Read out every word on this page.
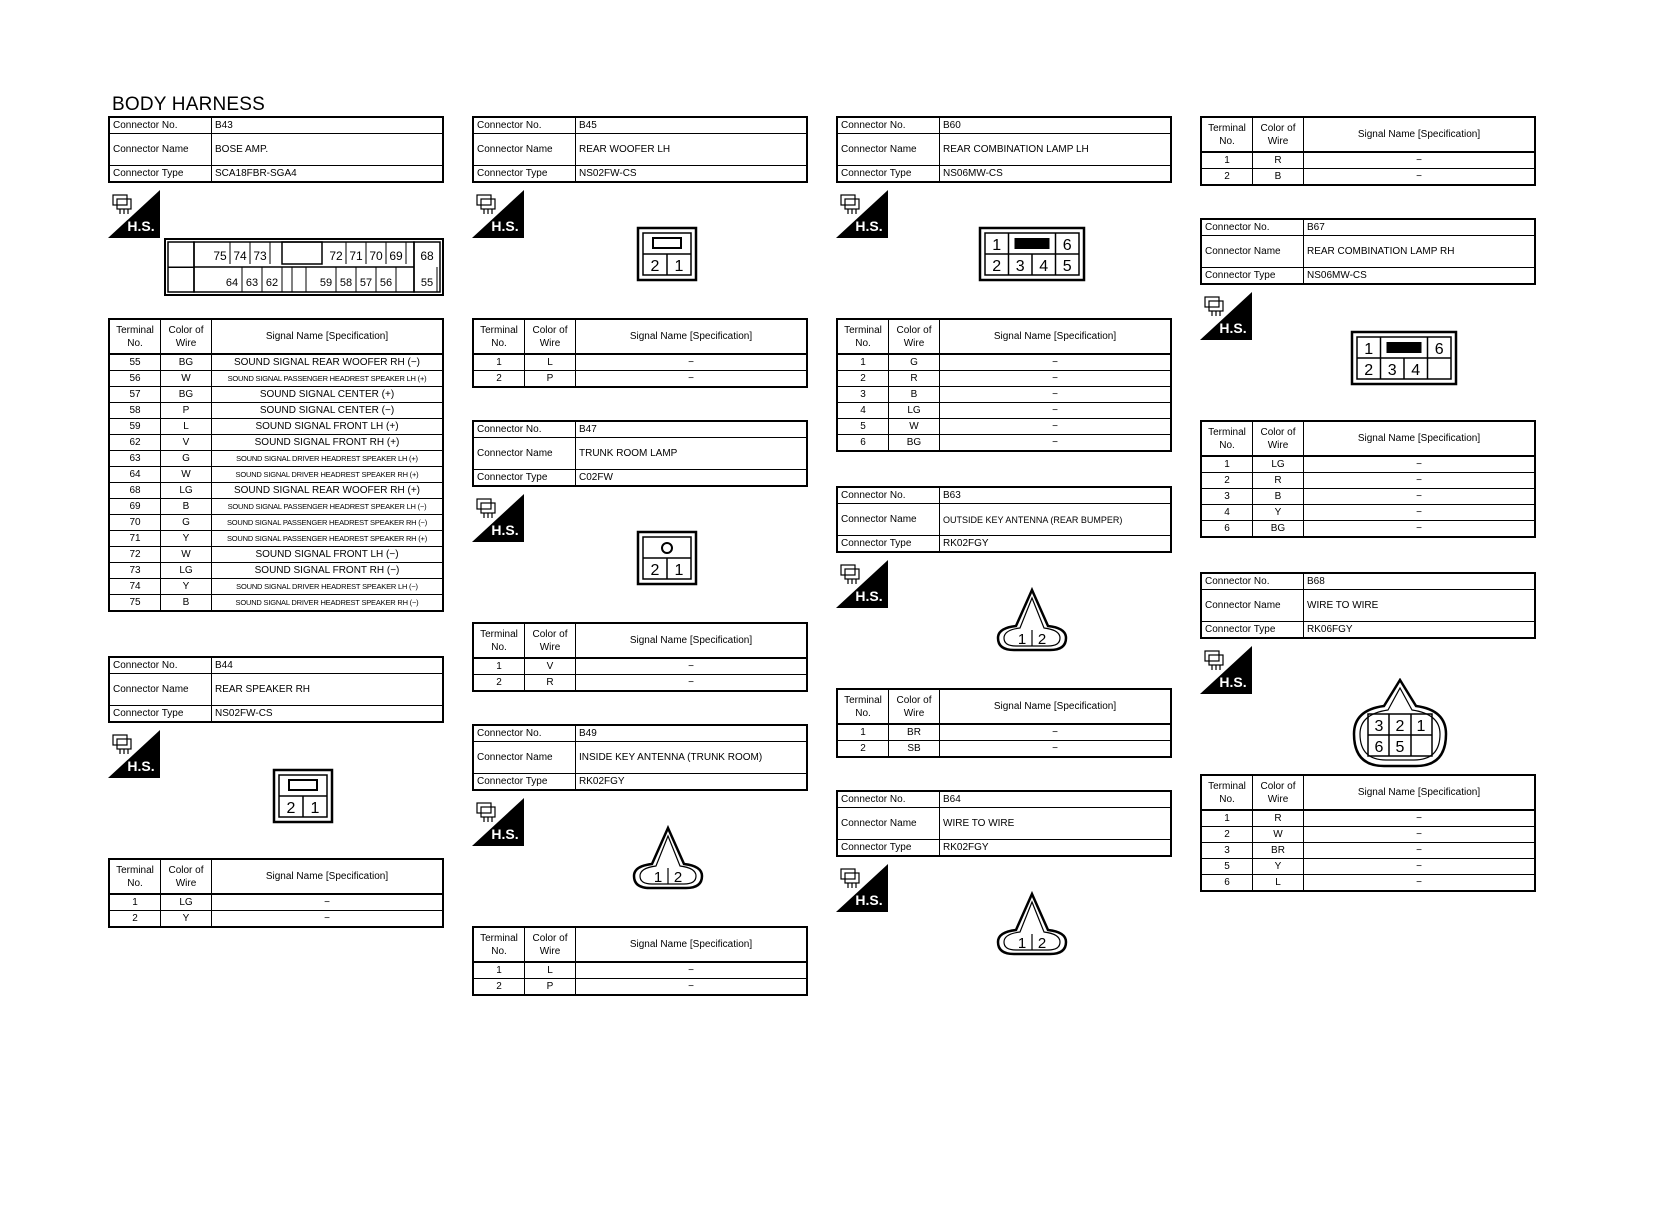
BODY HARNESS
Connector No.	B43
Connector Name	BOSE AMP.
Connector Type	SCA18FBR-SGA4
H.S.
75 74 73	72 71 70 69 68
64 63 62	59 58 57 56	55
Terminal No.	Color of Wire	Signal Name [Specification]
55	BG	SOUND SIGNAL REAR WOOFER RH (−)
56	W	SOUND SIGNAL PASSENGER HEADREST SPEAKER LH (+)
57	BG	SOUND SIGNAL CENTER (+)
58	P	SOUND SIGNAL CENTER (−)
59	L	SOUND SIGNAL FRONT LH (+)
62	V	SOUND SIGNAL FRONT RH (+)
63	G	SOUND SIGNAL DRIVER HEADREST SPEAKER LH (+)
64	W	SOUND SIGNAL DRIVER HEADREST SPEAKER RH (+)
68	LG	SOUND SIGNAL REAR WOOFER RH (+)
69	B	SOUND SIGNAL PASSENGER HEADREST SPEAKER LH (−)
70	G	SOUND SIGNAL PASSENGER HEADREST SPEAKER RH (−)
71	Y	SOUND SIGNAL PASSENGER HEADREST SPEAKER RH (+)
72	W	SOUND SIGNAL FRONT LH (−)
73	LG	SOUND SIGNAL FRONT RH (−)
74	Y	SOUND SIGNAL DRIVER HEADREST SPEAKER LH (−)
75	B	SOUND SIGNAL DRIVER HEADREST SPEAKER RH (−)
Connector No.	B44
Connector Name	REAR SPEAKER RH
Connector Type	NS02FW-CS
H.S.
2 1
Terminal No.	Color of Wire	Signal Name [Specification]
1	LG	−
2	Y	−
Connector No.	B45
Connector Name	REAR WOOFER LH
Connector Type	NS02FW-CS
H.S.
2 1
Terminal No.	Color of Wire	Signal Name [Specification]
1	L	−
2	P	−
Connector No.	B47
Connector Name	TRUNK ROOM LAMP
Connector Type	C02FW
H.S.
2 1
Terminal No.	Color of Wire	Signal Name [Specification]
1	V	−
2	R	−
Connector No.	B49
Connector Name	INSIDE KEY ANTENNA (TRUNK ROOM)
Connector Type	RK02FGY
H.S.
1 2
Terminal No.	Color of Wire	Signal Name [Specification]
1	L	−
2	P	−
Connector No.	B60
Connector Name	REAR COMBINATION LAMP LH
Connector Type	NS06MW-CS
H.S.
1	6
2 3 4 5
Terminal No.	Color of Wire	Signal Name [Specification]
1	G	−
2	R	−
3	B	−
4	LG	−
5	W	−
6	BG	−
Connector No.	B63
Connector Name	OUTSIDE KEY ANTENNA (REAR BUMPER)
Connector Type	RK02FGY
H.S.
1 2
Terminal No.	Color of Wire	Signal Name [Specification]
1	BR	−
2	SB	−
Connector No.	B64
Connector Name	WIRE TO WIRE
Connector Type	RK02FGY
H.S.
1 2
Terminal No.	Color of Wire	Signal Name [Specification]
1	R	−
2	B	−
Connector No.	B67
Connector Name	REAR COMBINATION LAMP RH
Connector Type	NS06MW-CS
H.S.
1	6
2 3 4
Terminal No.	Color of Wire	Signal Name [Specification]
1	LG	−
2	R	−
3	B	−
4	Y	−
6	BG	−
Connector No.	B68
Connector Name	WIRE TO WIRE
Connector Type	RK06FGY
H.S.
3 2 1
6 5
Terminal No.	Color of Wire	Signal Name [Specification]
1	R	−
2	W	−
3	BR	−
5	Y	−
6	L	−
